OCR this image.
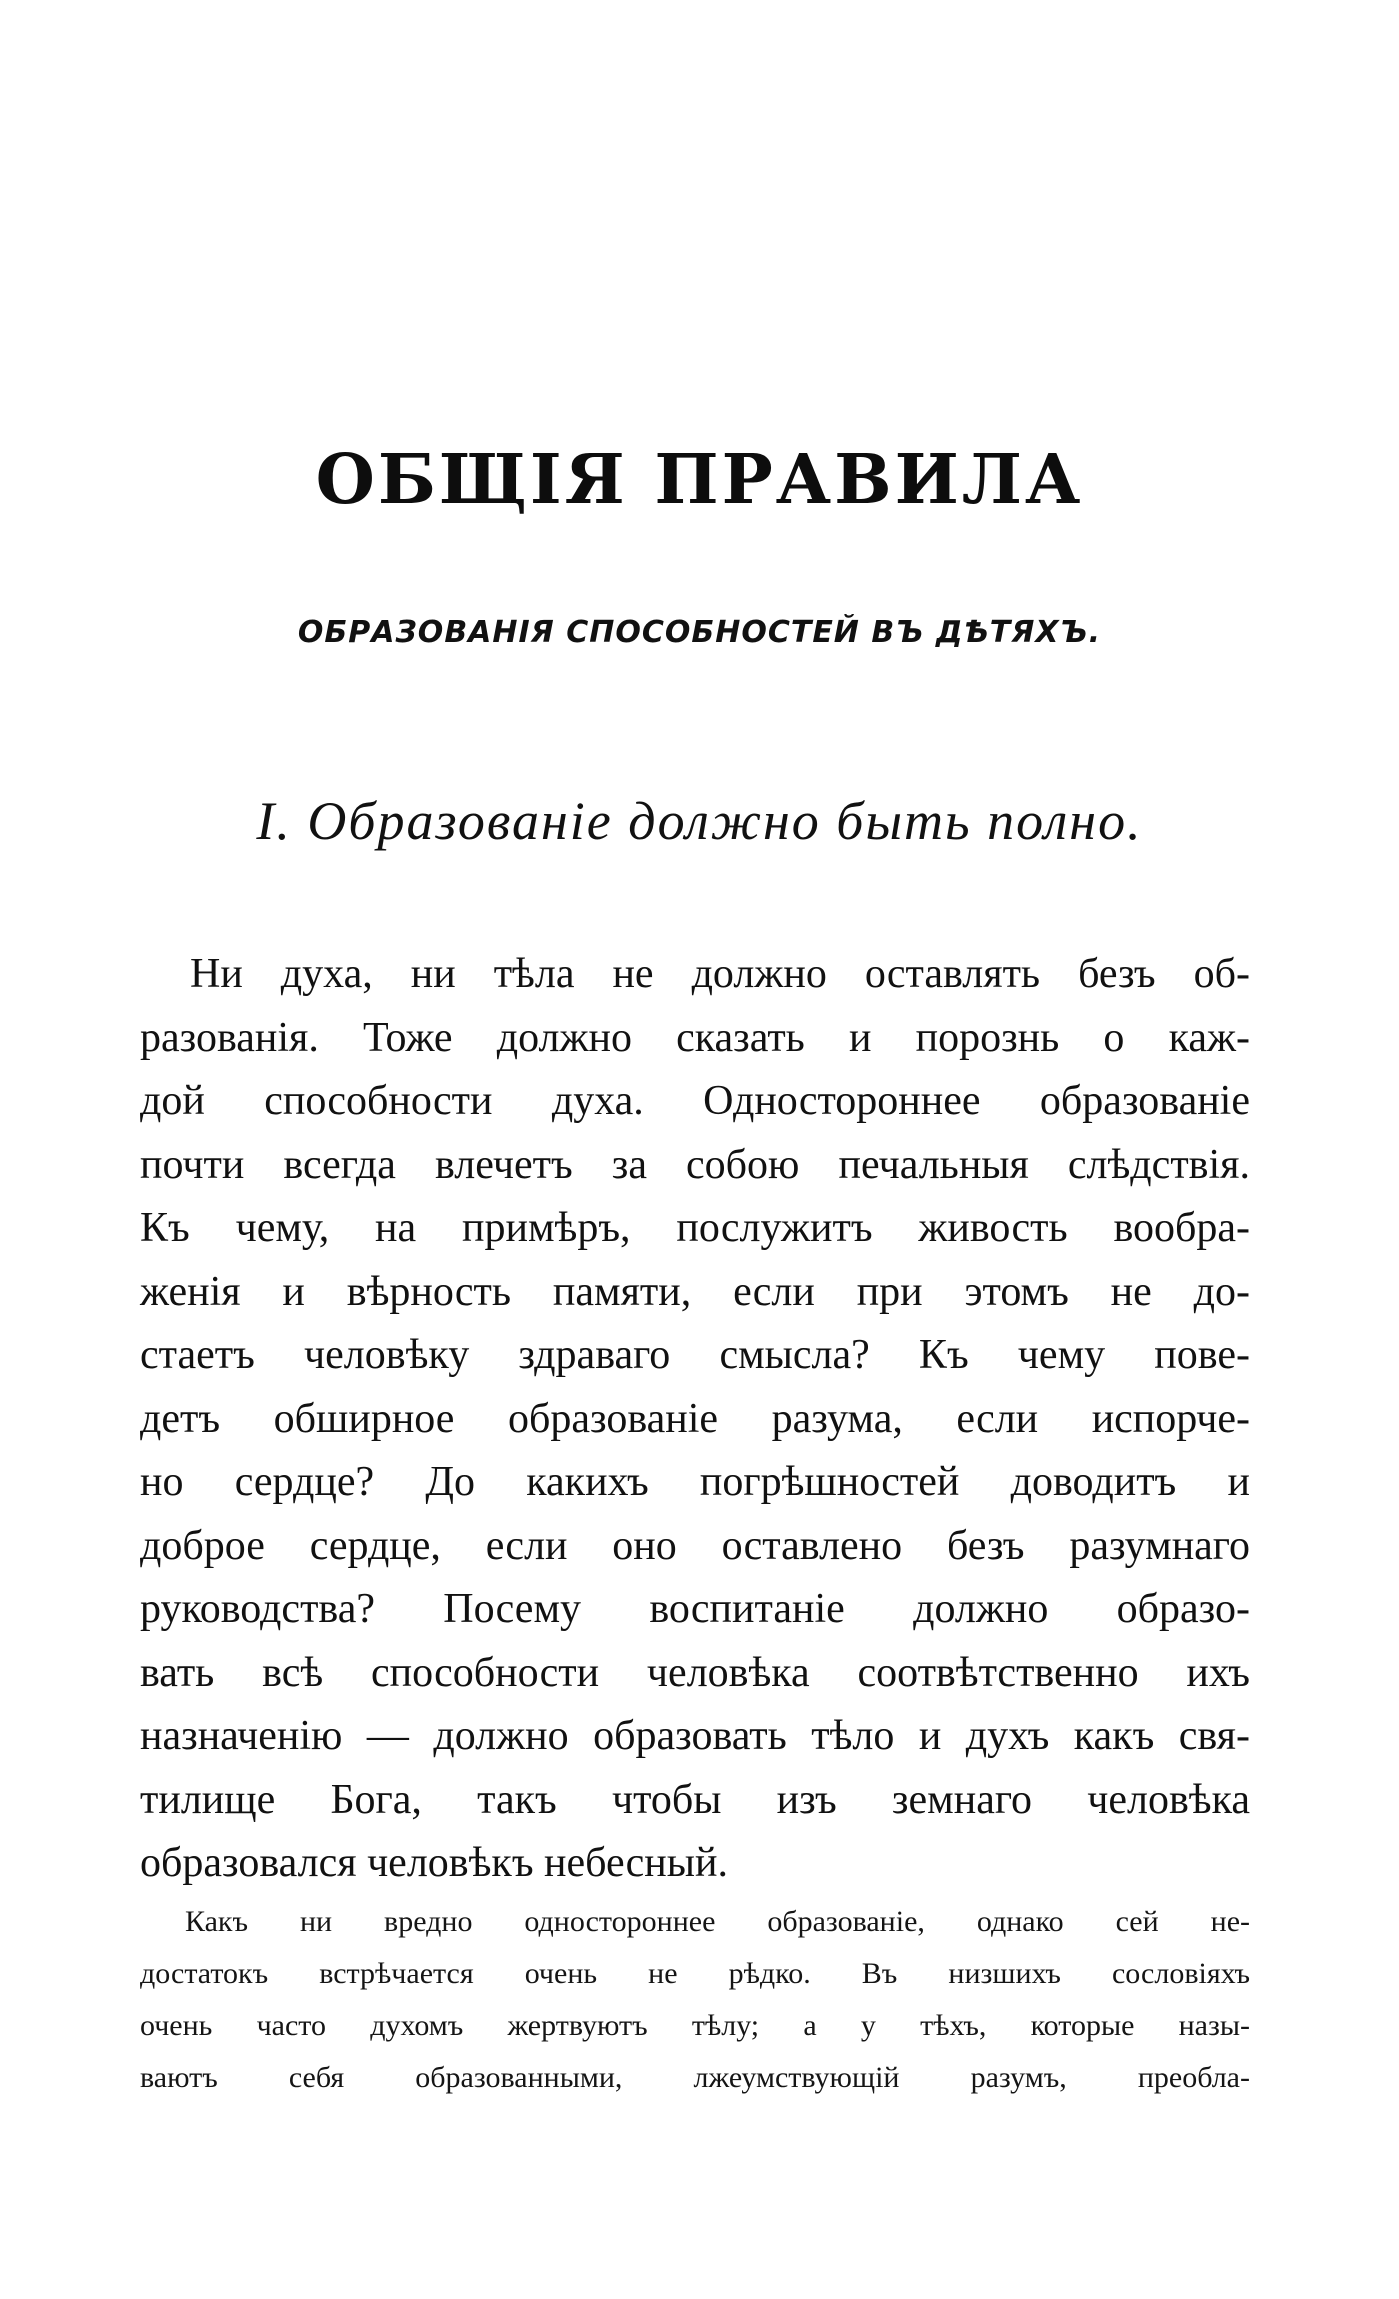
ОБЩІЯ ПРАВИЛА
ОБРАЗОВАНІЯ СПОСОБНОСТЕЙ ВЪ ДѢТЯХЪ.
I. Образованіе должно быть полно.
Ни духа, ни тѣла не должно оставлять безъ об-
разованія. Тоже должно сказать и порознь о каж-
дой способности духа. Одностороннее образованіе
почти всегда влечетъ за собою печальныя слѣдствія.
Къ чему, на примѣръ, послужитъ живость вообра-
женія и вѣрность памяти, если при этомъ не до-
стаетъ человѣку здраваго смысла? Къ чему пове-
детъ обширное образованіе разума, если испорче-
но сердце? До какихъ погрѣшностей доводитъ и
доброе сердце, если оно оставлено безъ разумнаго
руководства? Посему воспитаніе должно образо-
вать всѣ способности человѣка соотвѣтственно ихъ
назначенію — должно образовать тѣло и духъ какъ свя-
тилище Бога, такъ чтобы изъ земнаго человѣка
образовался человѣкъ небесный.
Какъ ни вредно одностороннее образованіе, однако сей не-
достатокъ встрѣчается очень не рѣдко. Въ низшихъ сословіяхъ
очень часто духомъ жертвуютъ тѣлу; а у тѣхъ, которые назы-
ваютъ себя образованными, лжеумствующій разумъ, преобла-
